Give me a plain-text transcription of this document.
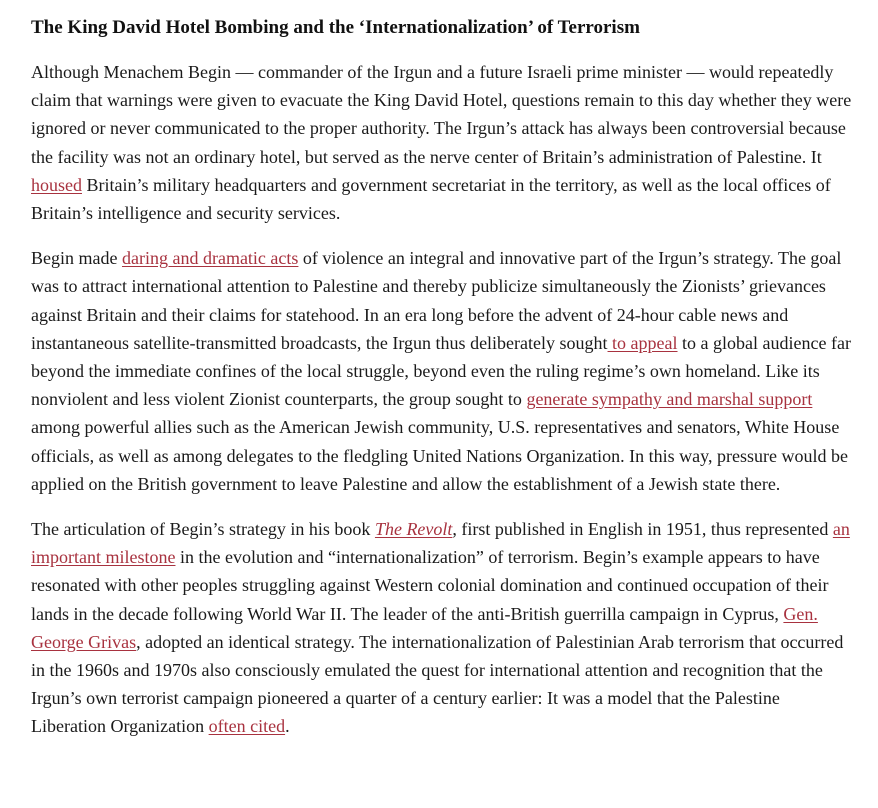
The King David Hotel Bombing and the ‘Internationalization’ of Terrorism

Although Menachem Begin — commander of the Irgun and a future Israeli prime minister — would repeatedly claim that warnings were given to evacuate the King David Hotel, questions remain to this day whether they were ignored or never communicated to the proper authority. The Irgun’s attack has always been controversial because the facility was not an ordinary hotel, but served as the nerve center of Britain’s administration of Palestine. It housed Britain’s military headquarters and government secretariat in the territory, as well as the local offices of Britain’s intelligence and security services.

Begin made daring and dramatic acts of violence an integral and innovative part of the Irgun’s strategy. The goal was to attract international attention to Palestine and thereby publicize simultaneously the Zionists’ grievances against Britain and their claims for statehood. In an era long before the advent of 24-hour cable news and instantaneous satellite-transmitted broadcasts, the Irgun thus deliberately sought to appeal to a global audience far beyond the immediate confines of the local struggle, beyond even the ruling regime’s own homeland. Like its nonviolent and less violent Zionist counterparts, the group sought to generate sympathy and marshal support among powerful allies such as the American Jewish community, U.S. representatives and senators, White House officials, as well as among delegates to the fledgling United Nations Organization. In this way, pressure would be applied on the British government to leave Palestine and allow the establishment of a Jewish state there.

The articulation of Begin’s strategy in his book The Revolt, first published in English in 1951, thus represented an important milestone in the evolution and “internationalization” of terrorism. Begin’s example appears to have resonated with other peoples struggling against Western colonial domination and continued occupation of their lands in the decade following World War II. The leader of the anti-British guerrilla campaign in Cyprus, Gen. George Grivas, adopted an identical strategy. The internationalization of Palestinian Arab terrorism that occurred in the 1960s and 1970s also consciously emulated the quest for international attention and recognition that the Irgun’s own terrorist campaign pioneered a quarter of a century earlier: It was a model that the Palestine Liberation Organization often cited.
